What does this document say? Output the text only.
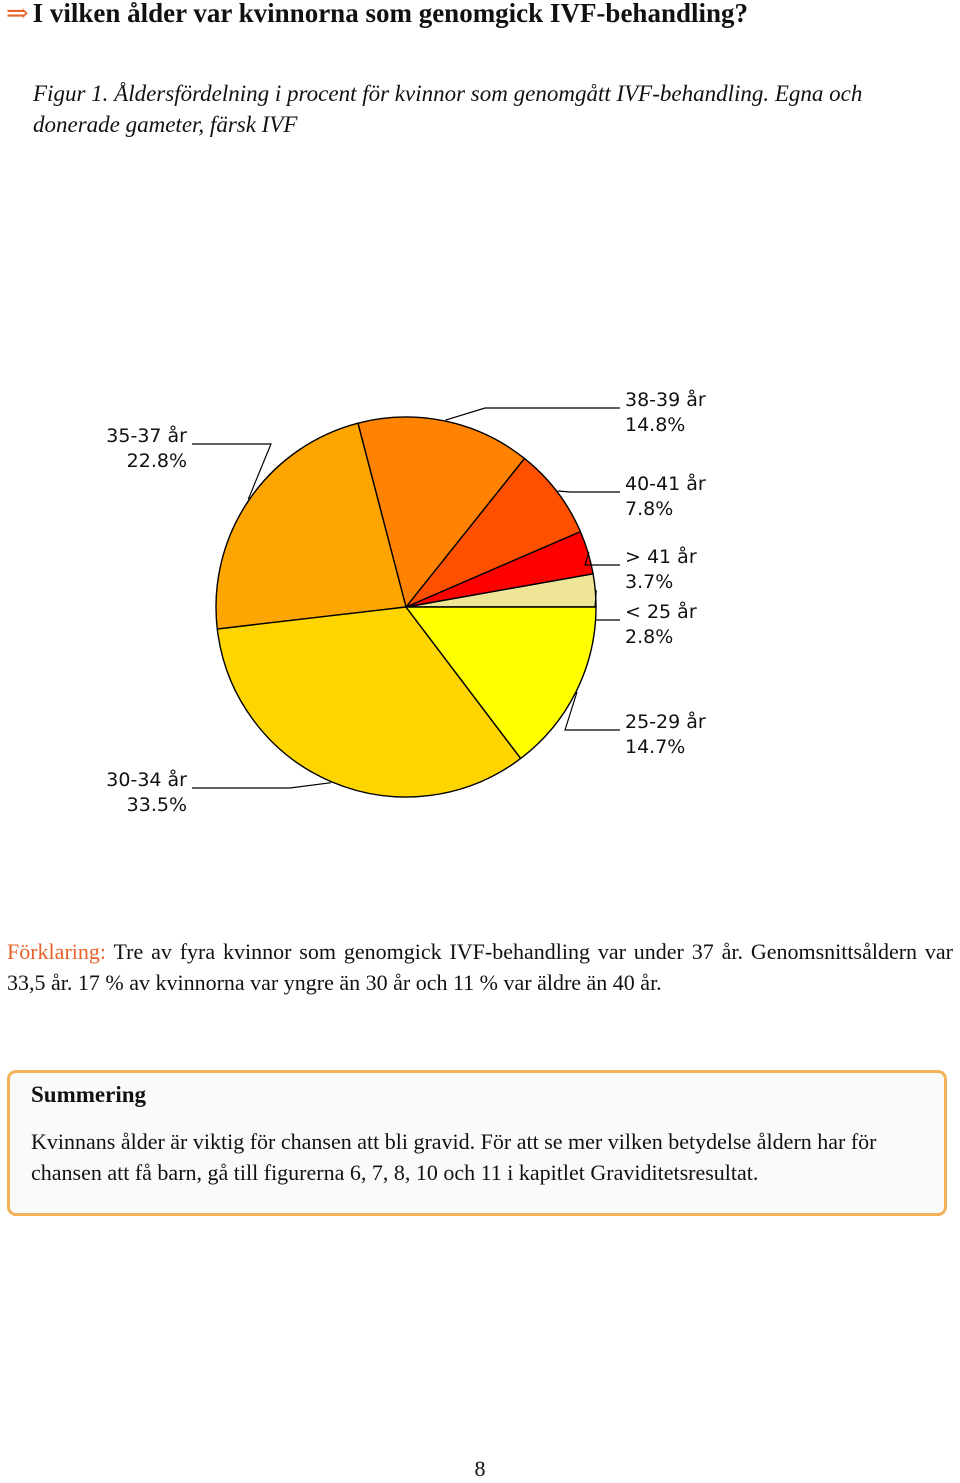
⇒ I vilken ålder var kvinnorna som genomgick IVF-behandling?
Figur 1. Åldersfördelning i procent för kvinnor som genomgått IVF-behandling. Egna och donerade gameter, färsk IVF
< 25 år
2.8%
> 41 år
3.7%
40-41 år
7.8%
38-39 år
14.8%
35-37 år
22.8%
30-34 år
33.5%
25-29 år
14.7%
Förklaring: Tre av fyra kvinnor som genomgick IVF-behandling var under 37 år. Genomsnittsåldern var 33,5 år. 17 % av kvinnorna var yngre än 30 år och 11 % var äldre än 40 år.
Summering
Kvinnans ålder är viktig för chansen att bli gravid. För att se mer vilken betydelse åldern har för chansen att få barn, gå till figurerna 6, 7, 8, 10 och 11 i kapitlet Graviditetsresultat.
8
